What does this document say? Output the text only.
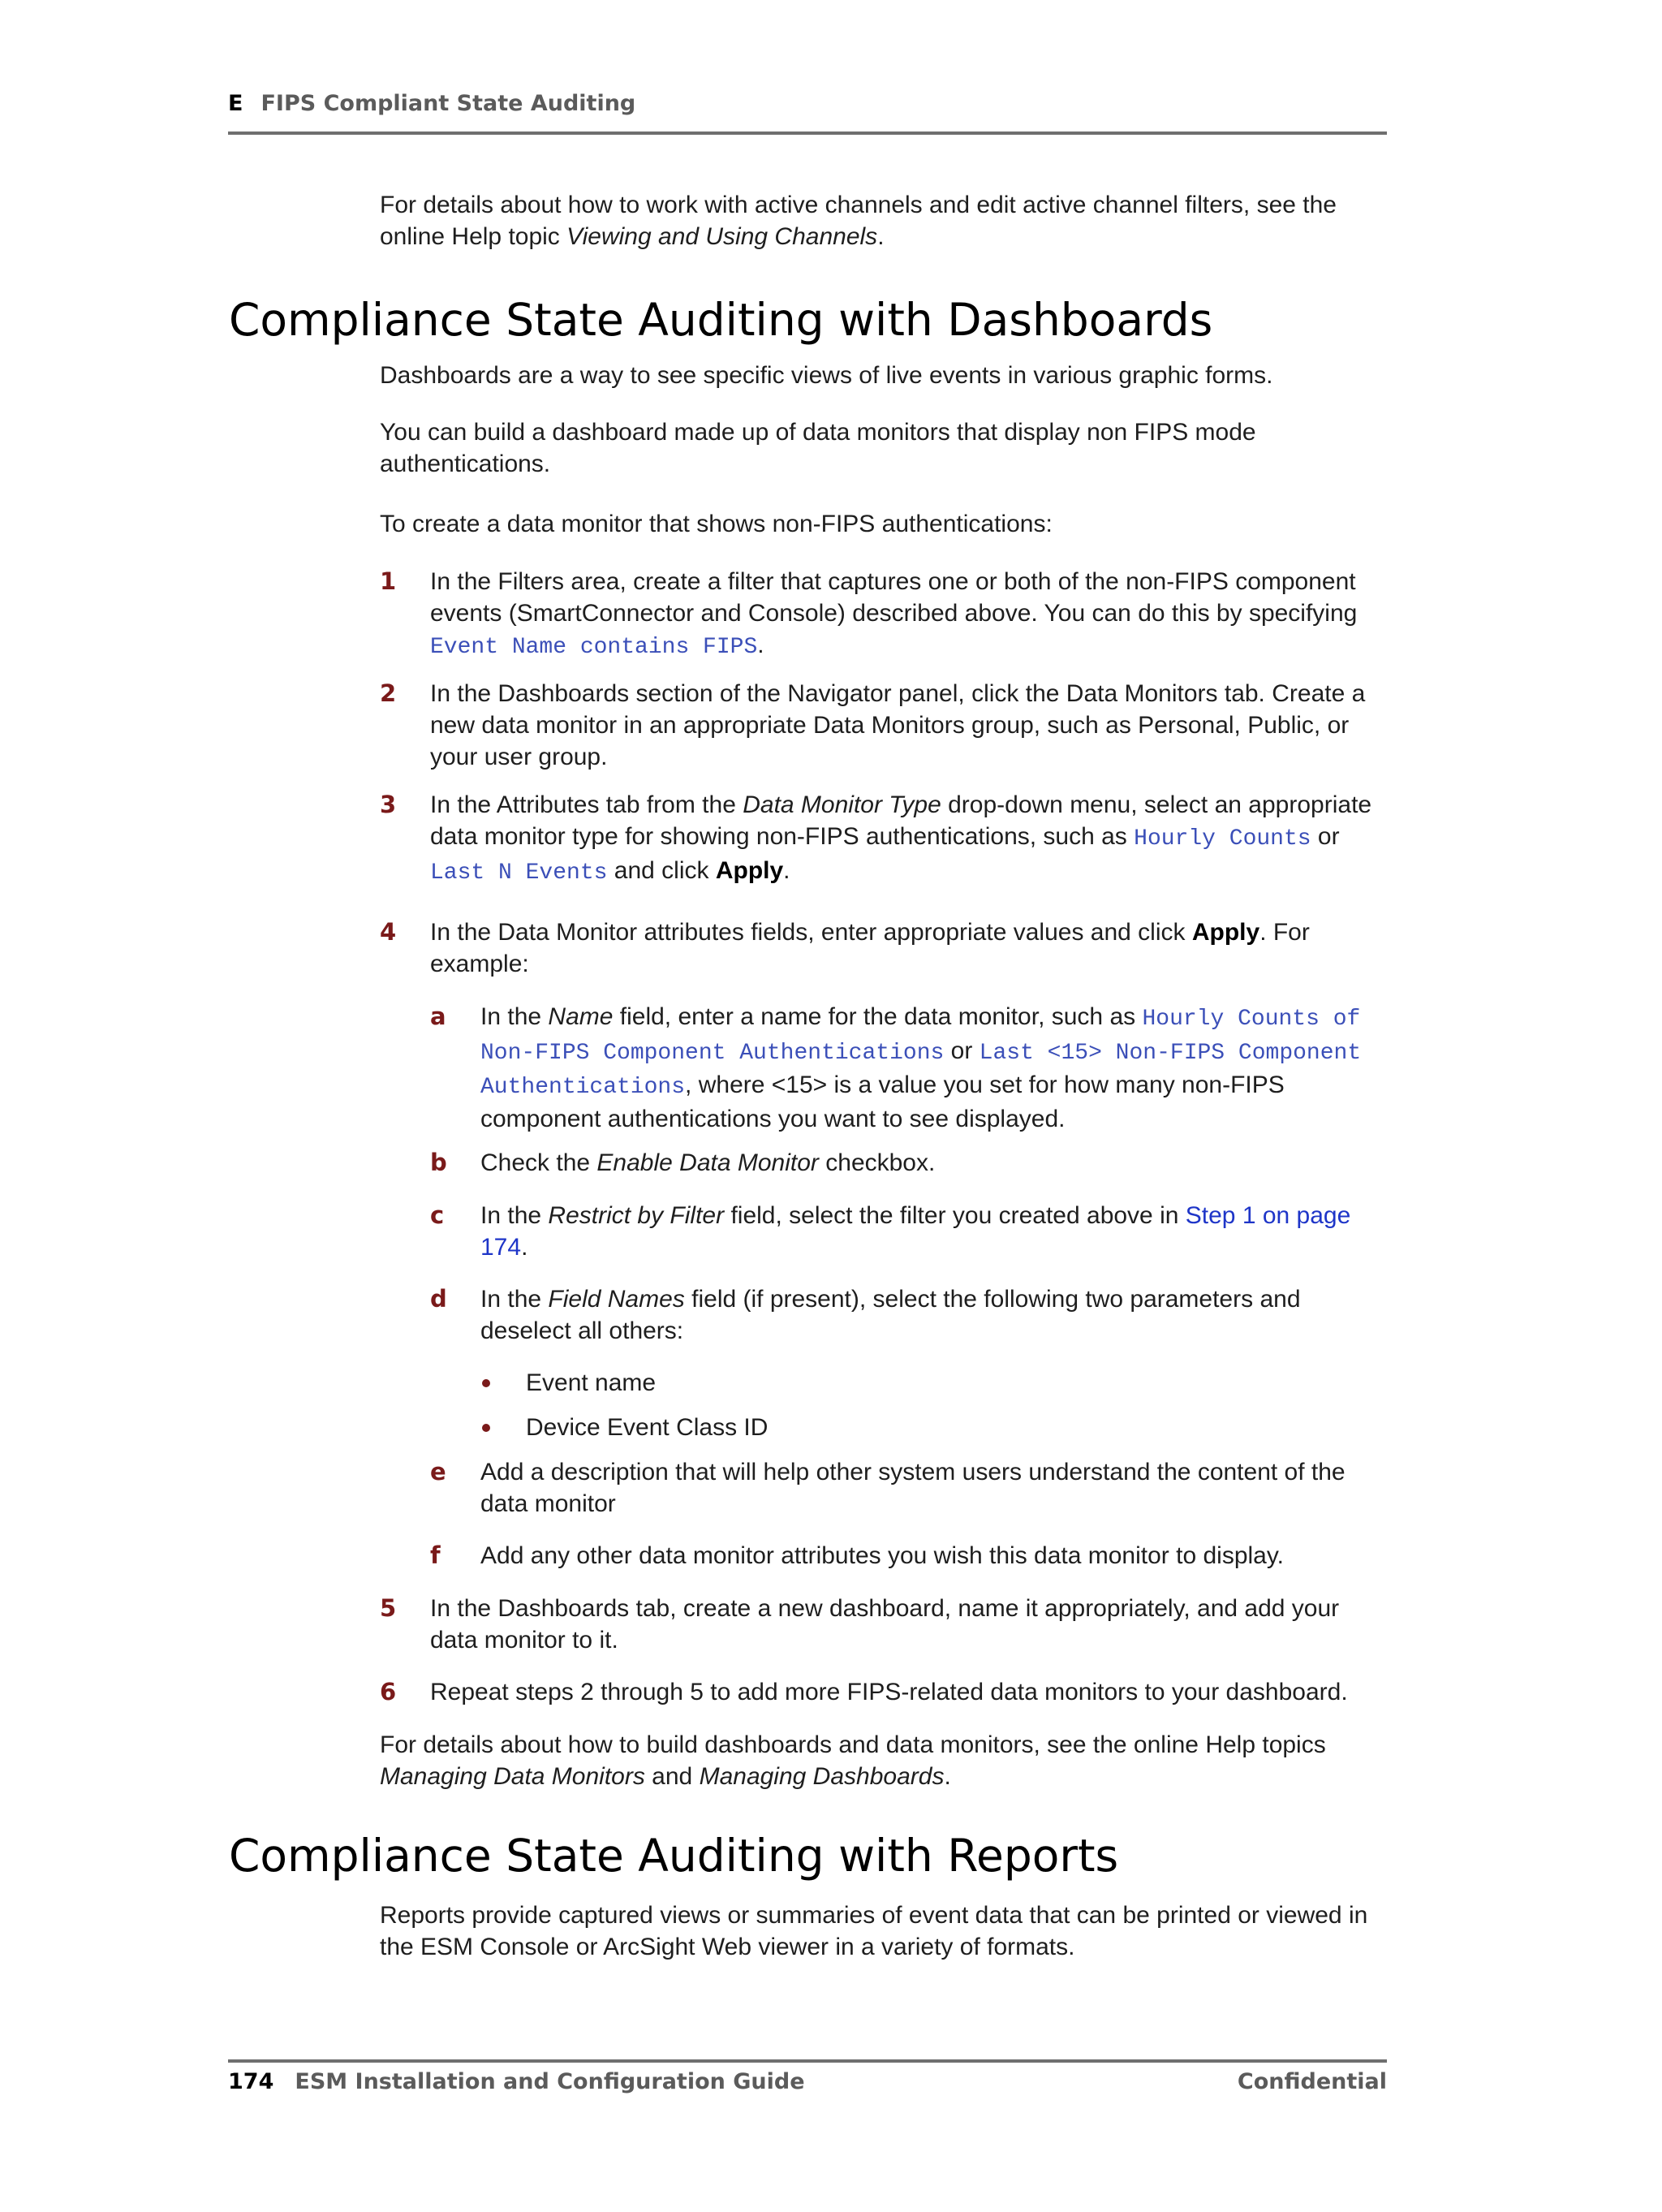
E FIPS Compliant State Auditing
For details about how to work with active channels and edit active channel filters, see the online Help topic Viewing and Using Channels.
Compliance State Auditing with Dashboards
Dashboards are a way to see specific views of live events in various graphic forms.
You can build a dashboard made up of data monitors that display non FIPS mode authentications.
To create a data monitor that shows non-FIPS authentications:
1 In the Filters area, create a filter that captures one or both of the non-FIPS component events (SmartConnector and Console) described above. You can do this by specifying Event Name contains FIPS.
2 In the Dashboards section of the Navigator panel, click the Data Monitors tab. Create a new data monitor in an appropriate Data Monitors group, such as Personal, Public, or your user group.
3 In the Attributes tab from the Data Monitor Type drop-down menu, select an appropriate data monitor type for showing non-FIPS authentications, such as Hourly Counts or Last N Events and click Apply.
4 In the Data Monitor attributes fields, enter appropriate values and click Apply. For example:
a In the Name field, enter a name for the data monitor, such as Hourly Counts of Non-FIPS Component Authentications or Last <15> Non-FIPS Component Authentications, where <15> is a value you set for how many non-FIPS component authentications you want to see displayed.
b Check the Enable Data Monitor checkbox.
c In the Restrict by Filter field, select the filter you created above in Step 1 on page 174.
d In the Field Names field (if present), select the following two parameters and deselect all others:
Event name
Device Event Class ID
e Add a description that will help other system users understand the content of the data monitor
f Add any other data monitor attributes you wish this data monitor to display.
5 In the Dashboards tab, create a new dashboard, name it appropriately, and add your data monitor to it.
6 Repeat steps 2 through 5 to add more FIPS-related data monitors to your dashboard.
For details about how to build dashboards and data monitors, see the online Help topics Managing Data Monitors and Managing Dashboards.
Compliance State Auditing with Reports
Reports provide captured views or summaries of event data that can be printed or viewed in the ESM Console or ArcSight Web viewer in a variety of formats.
174 ESM Installation and Configuration Guide	Confidential
